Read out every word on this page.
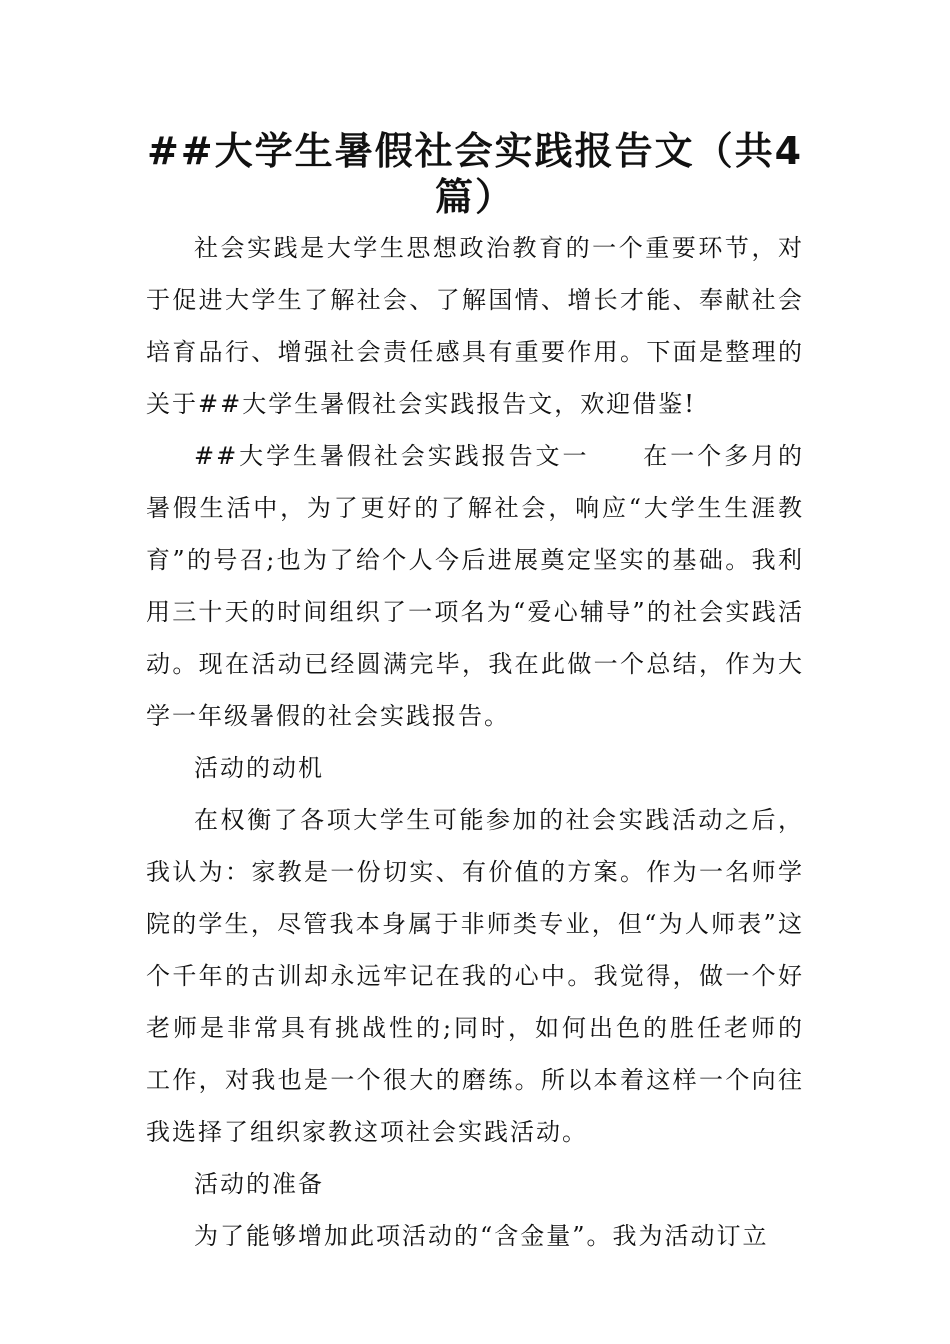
##大学生暑假社会实践报告文（共4篇）

社会实践是大学生思想政治教育的一个重要环节，对于促进大学生了解社会、了解国情、增长才能、奉献社会培育品行、增强社会责任感具有重要作用。下面是整理的关于##大学生暑假社会实践报告文，欢迎借鉴!

##大学生暑假社会实践报告文一　　在一个多月的暑假生活中，为了更好的了解社会，响应“大学生生涯教育”的号召;也为了给个人今后进展奠定坚实的基础。我利用三十天的时间组织了一项名为“爱心辅导”的社会实践活动。现在活动已经圆满完毕，我在此做一个总结，作为大学一年级暑假的社会实践报告。

活动的动机

在权衡了各项大学生可能参加的社会实践活动之后，我认为：家教是一份切实、有价值的方案。作为一名师学院的学生，尽管我本身属于非师类专业，但“为人师表”这个千年的古训却永远牢记在我的心中。我觉得，做一个好老师是非常具有挑战性的;同时，如何出色的胜任老师的工作，对我也是一个很大的磨练。所以本着这样一个向往我选择了组织家教这项社会实践活动。

活动的准备

为了能够增加此项活动的“含金量”。我为活动订立
